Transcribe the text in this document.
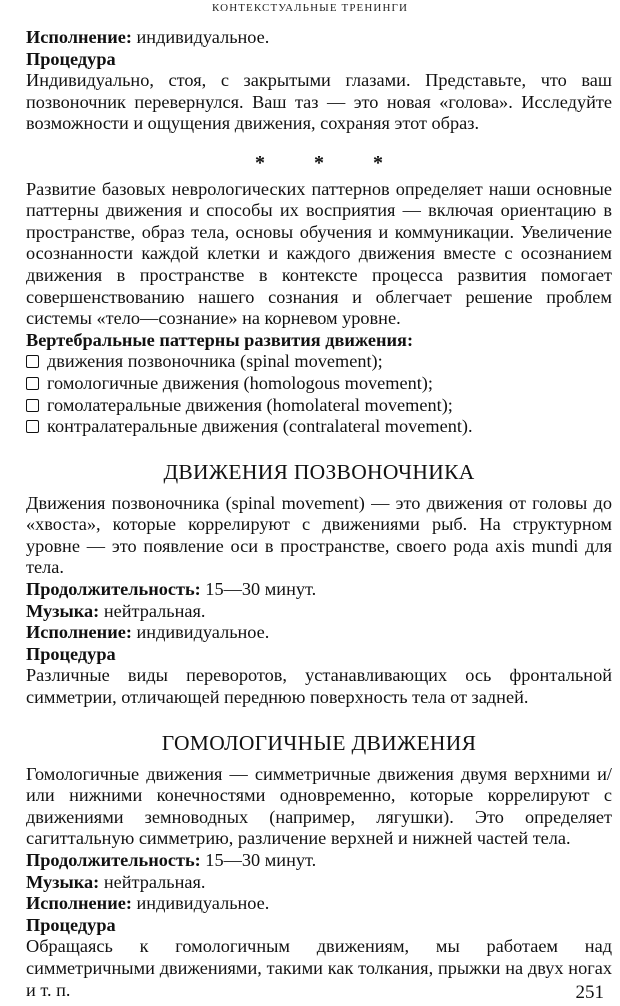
КОНТЕКСТУАЛЬНЫЕ ТРЕНИНГИ
Исполнение: индивидуальное.
Процедура

Индивидуально, стоя, с закрытыми глазами. Представьте, что ваш позвоночник перевернулся. Ваш таз — это новая «голова». Исследуйте возможности и ощущения движения, сохраняя этот образ.

* * *

Развитие базовых неврологических паттернов определяет наши основные паттерны движения и способы их восприятия — включая ориентацию в пространстве, образ тела, основы обучения и коммуникации. Увеличение осознанности каждой клетки и каждого движения вместе с осознанием движения в пространстве в контексте процесса развития помогает совершенствованию нашего сознания и облегчает решение проблем системы «тело—сознание» на корневом уровне.

Вертебральные паттерны развития движения:
движения позвоночника (spinal movement);
гомологичные движения (homologous movement);
гомолатеральные движения (homolateral movement);
контралатеральные движения (contralateral movement).
ДВИЖЕНИЯ ПОЗВОНОЧНИКА

Движения позвоночника (spinal movement) — это движения от головы до «хвоста», которые коррелируют с движениями рыб. На структурном уровне — это появление оси в пространстве, своего рода axis mundi для тела.

Продолжительность: 15—30 минут.
Музыка: нейтральная.
Исполнение: индивидуальное.
Процедура

Различные виды переворотов, устанавливающих ось фронтальной симметрии, отличающей переднюю поверхность тела от задней.

ГОМОЛОГИЧНЫЕ ДВИЖЕНИЯ

Гомологичные движения — симметричные движения двумя верхними и/или нижними конечностями одновременно, которые коррелируют с движениями земноводных (например, лягушки). Это определяет сагиттальную симметрию, различение верхней и нижней частей тела.

Продолжительность: 15—30 минут.
Музыка: нейтральная.
Исполнение: индивидуальное.
Процедура

Обращаясь к гомологичным движениям, мы работаем над симметричными движениями, такими как толкания, прыжки на двух ногах и т. п.	251
